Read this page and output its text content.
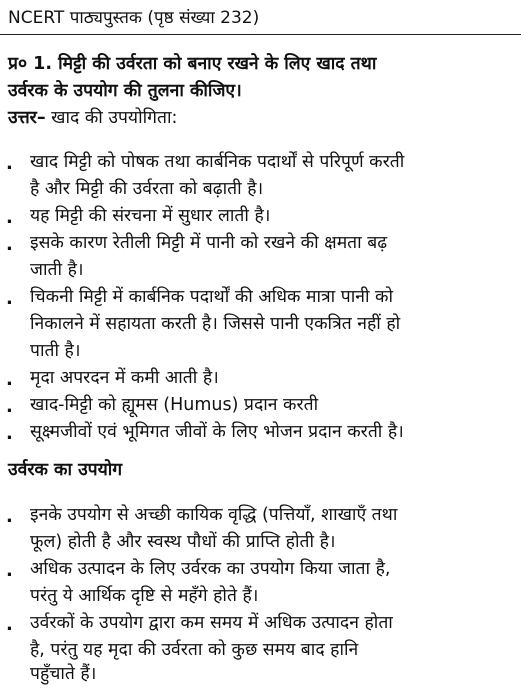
NCERT पाठ्यपुस्तक (पृष्ठ संख्या 232)
प्र० 1. मिट्टी की उर्वरता को बनाए रखने के लिए खाद तथा
उर्वरक के उपयोग की तुलना कीजिए।
उत्तर– खाद की उपयोगिता:
. खाद मिट्टी को पोषक तथा कार्बनिक पदार्थों से परिपूर्ण करती
है और मिट्टी की उर्वरता को बढ़ाती है।
. यह मिट्टी की संरचना में सुधार लाती है।
. इसके कारण रेतीली मिट्टी में पानी को रखने की क्षमता बढ़
जाती है।
. चिकनी मिट्टी में कार्बनिक पदार्थों की अधिक मात्रा पानी को
निकालने में सहायता करती है। जिससे पानी एकत्रित नहीं हो
पाती है।
. मृदा अपरदन में कमी आती है।
. खाद-मिट्टी को ह्यूमस (Humus) प्रदान करती
. सूक्ष्मजीवों एवं भूमिगत जीवों के लिए भोजन प्रदान करती है।
उर्वरक का उपयोग
. इनके उपयोग से अच्छी कायिक वृद्धि (पत्तियाँ, शाखाएँ तथा
फूल) होती है और स्वस्थ पौधों की प्राप्ति होती है।
. अधिक उत्पादन के लिए उर्वरक का उपयोग किया जाता है,
परंतु ये आर्थिक दृष्टि से महँगे होते हैं।
. उर्वरकों के उपयोग द्वारा कम समय में अधिक उत्पादन होता
है, परंतु यह मृदा की उर्वरता को कुछ समय बाद हानि
पहुँचाते हैं।
